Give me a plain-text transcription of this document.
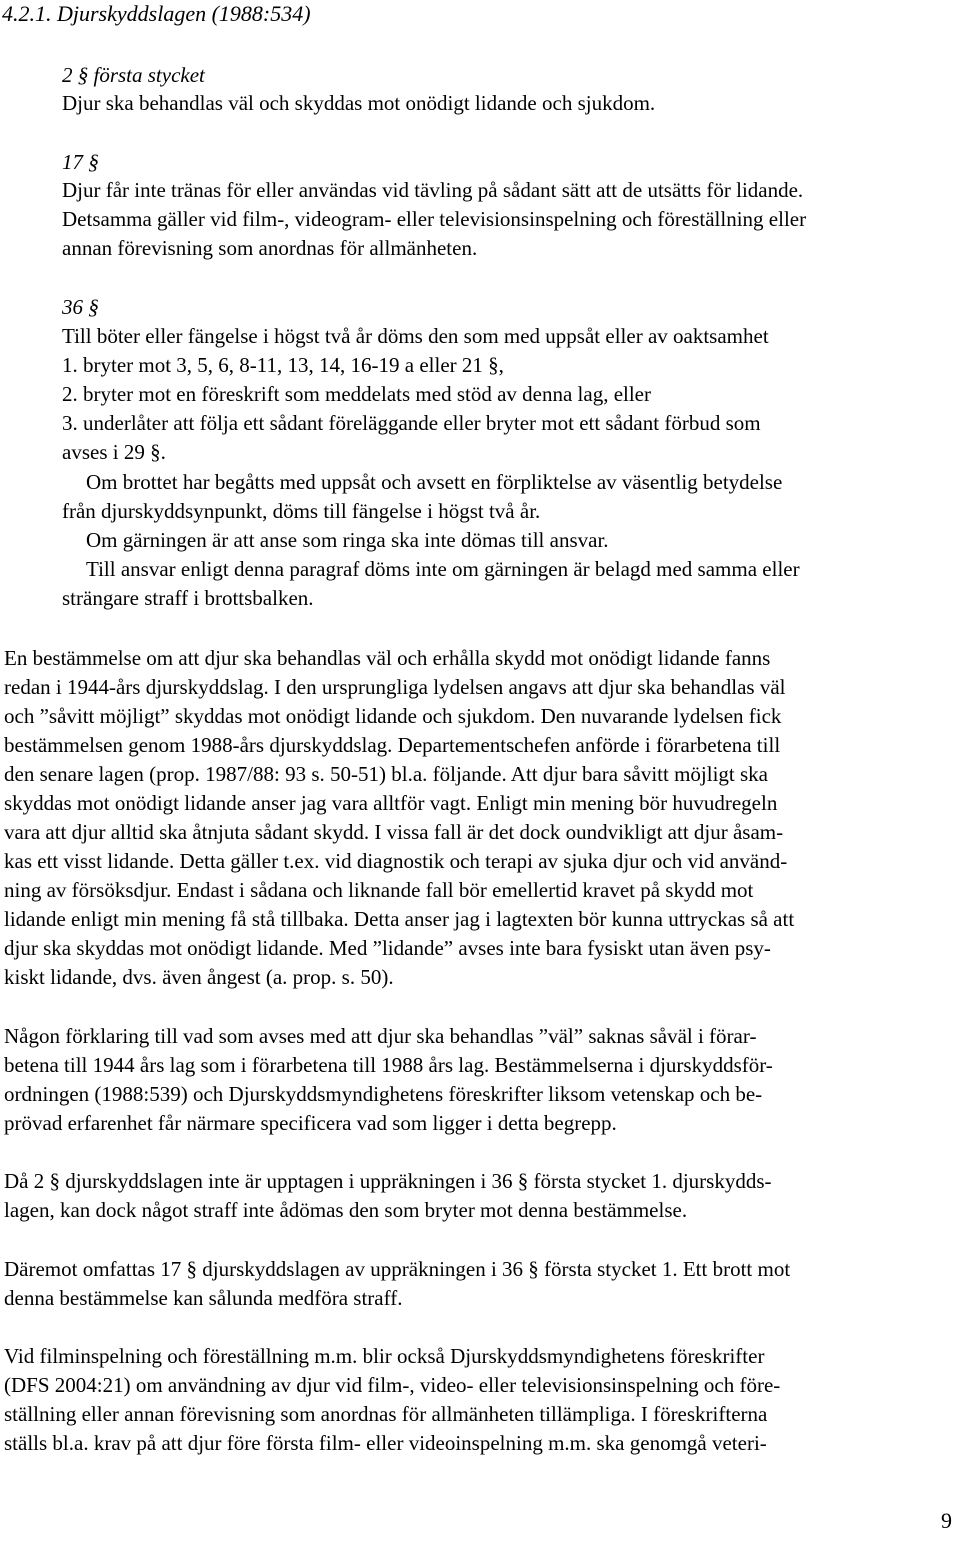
4.2.1. Djurskyddslagen (1988:534)
2 § första stycket
Djur ska behandlas väl och skyddas mot onödigt lidande och sjukdom.
17 §
Djur får inte tränas för eller användas vid tävling på sådant sätt att de utsätts för lidande.
Detsamma gäller vid film-, videogram- eller televisionsinspelning och föreställning eller
annan förevisning som anordnas för allmänheten.
36 §
Till böter eller fängelse i högst två år döms den som med uppsåt eller av oaktsamhet
1. bryter mot 3, 5, 6, 8-11, 13, 14, 16-19 a eller 21 §,
2. bryter mot en föreskrift som meddelats med stöd av denna lag, eller
3. underlåter att följa ett sådant föreläggande eller bryter mot ett sådant förbud som
avses i 29 §.
Om brottet har begåtts med uppsåt och avsett en förpliktelse av väsentlig betydelse
från djurskyddsynpunkt, döms till fängelse i högst två år.
Om gärningen är att anse som ringa ska inte dömas till ansvar.
Till ansvar enligt denna paragraf döms inte om gärningen är belagd med samma eller
strängare straff i brottsbalken.
En bestämmelse om att djur ska behandlas väl och erhålla skydd mot onödigt lidande fanns
redan i 1944-års djurskyddslag. I den ursprungliga lydelsen angavs att djur ska behandlas väl
och ”såvitt möjligt” skyddas mot onödigt lidande och sjukdom. Den nuvarande lydelsen fick
bestämmelsen genom 1988-års djurskyddslag. Departementschefen anförde i förarbetena till
den senare lagen (prop. 1987/88: 93 s. 50-51) bl.a. följande. Att djur bara såvitt möjligt ska
skyddas mot onödigt lidande anser jag vara alltför vagt. Enligt min mening bör huvudregeln
vara att djur alltid ska åtnjuta sådant skydd. I vissa fall är det dock oundvikligt att djur åsam-
kas ett visst lidande. Detta gäller t.ex. vid diagnostik och terapi av sjuka djur och vid använd-
ning av försöksdjur. Endast i sådana och liknande fall bör emellertid kravet på skydd mot
lidande enligt min mening få stå tillbaka. Detta anser jag i lagtexten bör kunna uttryckas så att
djur ska skyddas mot onödigt lidande. Med ”lidande” avses inte bara fysiskt utan även psy-
kiskt lidande, dvs. även ångest (a. prop. s. 50).
Någon förklaring till vad som avses med att djur ska behandlas ”väl” saknas såväl i förar-
betena till 1944 års lag som i förarbetena till 1988 års lag. Bestämmelserna i djurskyddsför-
ordningen (1988:539) och Djurskyddsmyndighetens föreskrifter liksom vetenskap och be-
prövad erfarenhet får närmare specificera vad som ligger i detta begrepp.
Då 2 § djurskyddslagen inte är upptagen i uppräkningen i 36 § första stycket 1. djurskydds-
lagen, kan dock något straff inte ådömas den som bryter mot denna bestämmelse.
Däremot omfattas 17 § djurskyddslagen av uppräkningen i 36 § första stycket 1. Ett brott mot
denna bestämmelse kan sålunda medföra straff.
Vid filminspelning och föreställning m.m. blir också Djurskyddsmyndighetens föreskrifter
(DFS 2004:21) om användning av djur vid film-, video- eller televisionsinspelning och före-
ställning eller annan förevisning som anordnas för allmänheten tillämpliga. I föreskrifterna
ställs bl.a. krav på att djur före första film- eller videoinspelning m.m. ska genomgå veteri-
9
